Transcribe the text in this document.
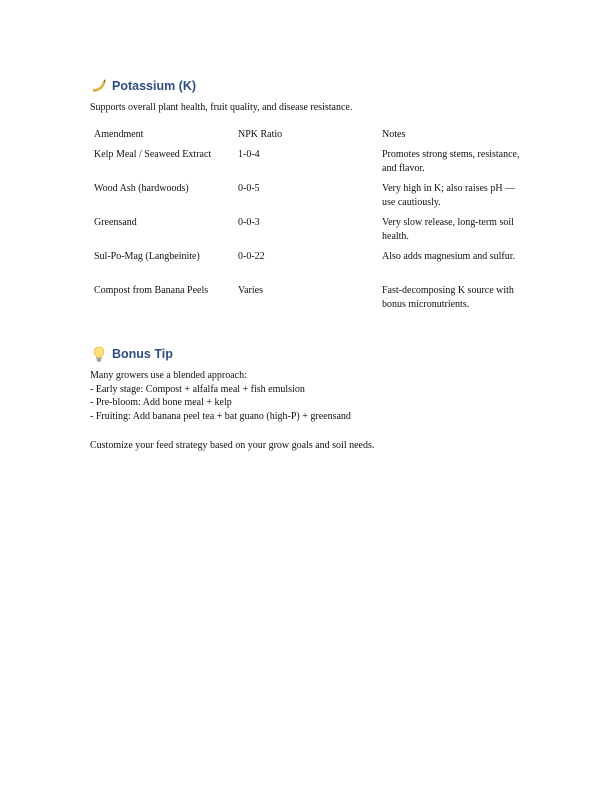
Potassium (K)
Supports overall plant health, fruit quality, and disease resistance.
Amendment	NPK Ratio	Notes
Kelp Meal / Seaweed Extract	1-0-4	Promotes strong stems, resistance, and flavor.
Wood Ash (hardwoods)	0-0-5	Very high in K; also raises pH —use cautiously.
Greensand	0-0-3	Very slow release, long-term soil health.
Sul-Po-Mag (Langbeinite)	0-0-22	Also adds magnesium and sulfur.
Compost from Banana Peels	Varies	Fast-decomposing K source with bonus micronutrients.
Bonus Tip
Many growers use a blended approach:
- Early stage: Compost + alfalfa meal + fish emulsion
- Pre-bloom: Add bone meal + kelp
- Fruiting: Add banana peel tea + bat guano (high-P) + greensand
Customize your feed strategy based on your grow goals and soil needs.
